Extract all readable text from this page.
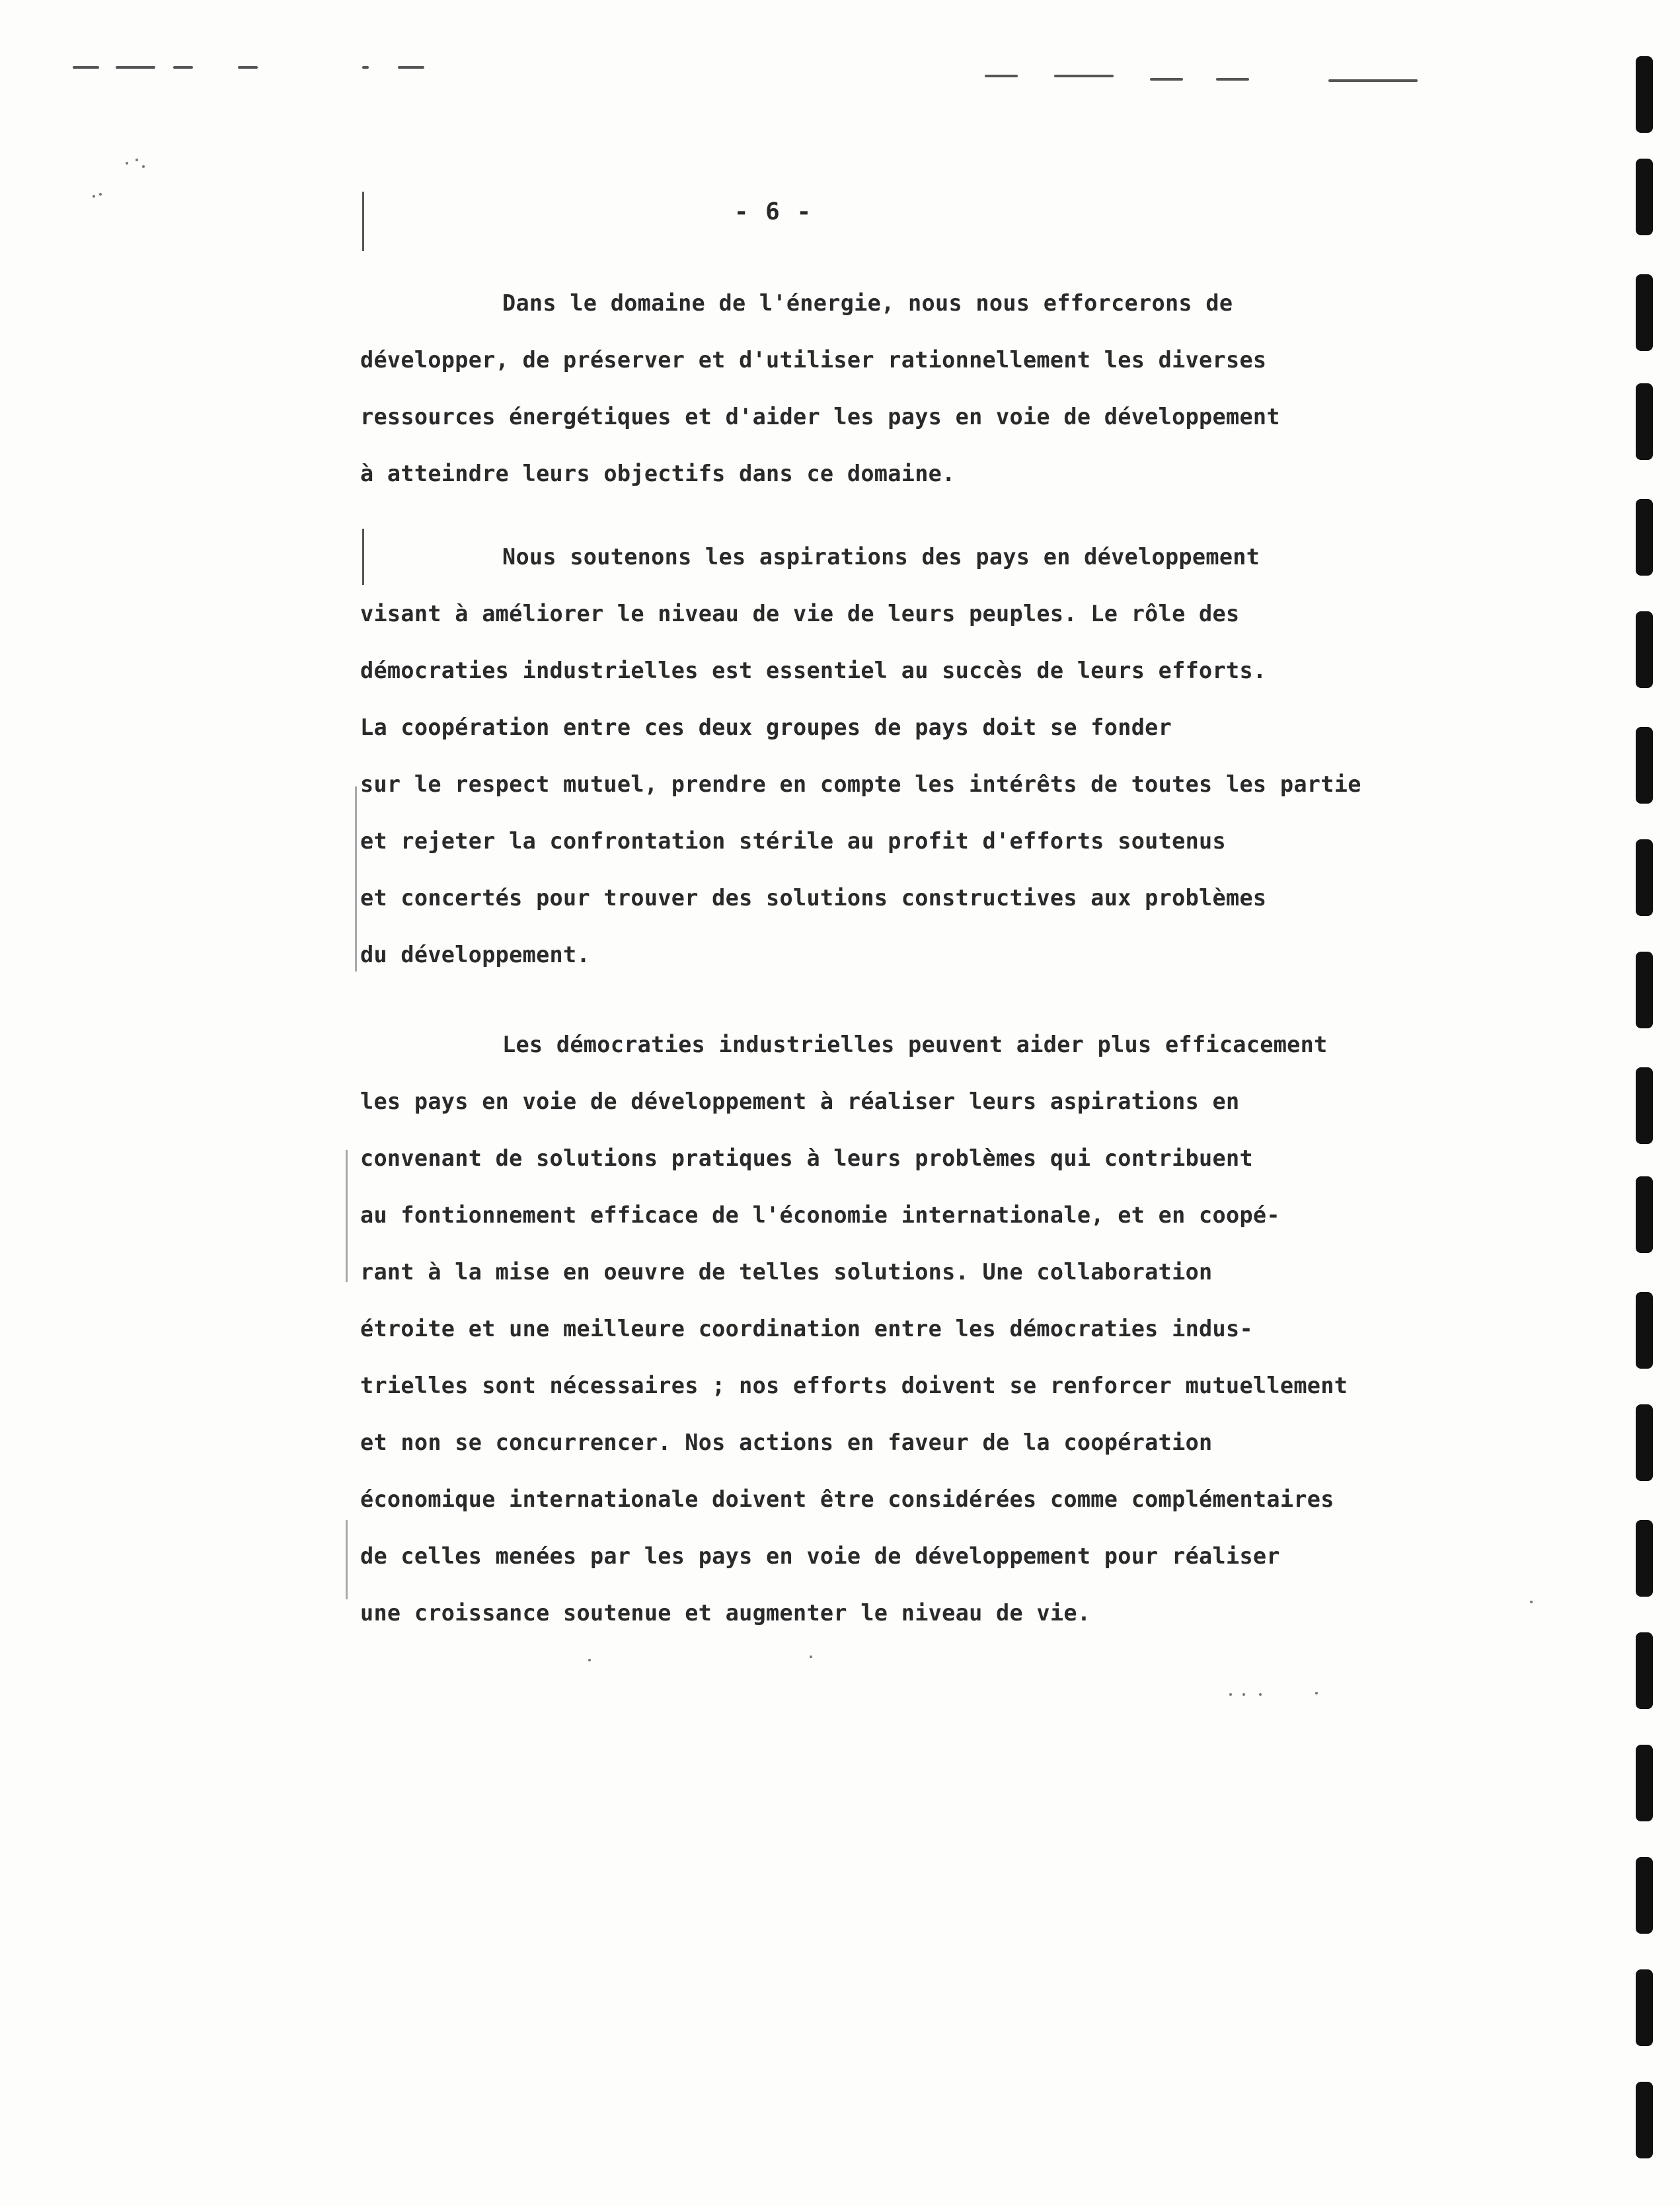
- 6 -
Dans le domaine de l'énergie, nous nous efforcerons de
développer, de préserver et d'utiliser rationnellement les diverses
ressources énergétiques et d'aider les pays en voie de développement
à atteindre leurs objectifs dans ce domaine.
Nous soutenons les aspirations des pays en développement
visant à améliorer le niveau de vie de leurs peuples. Le rôle des
démocraties industrielles est essentiel au succès de leurs efforts.
La coopération entre ces deux groupes de pays doit se fonder
sur le respect mutuel, prendre en compte les intérêts de toutes les partie
et rejeter la confrontation stérile au profit d'efforts soutenus
et concertés pour trouver des solutions constructives aux problèmes
du développement.
Les démocraties industrielles peuvent aider plus efficacement
les pays en voie de développement à réaliser leurs aspirations en
convenant de solutions pratiques à leurs problèmes qui contribuent
au fontionnement efficace de l'économie internationale, et en coopé-
rant à la mise en oeuvre de telles solutions. Une collaboration
étroite et une meilleure coordination entre les démocraties indus-
trielles sont nécessaires ; nos efforts doivent se renforcer mutuellement
et non se concurrencer. Nos actions en faveur de la coopération
économique internationale doivent être considérées comme complémentaires
de celles menées par les pays en voie de développement pour réaliser
une croissance soutenue et augmenter le niveau de vie.
